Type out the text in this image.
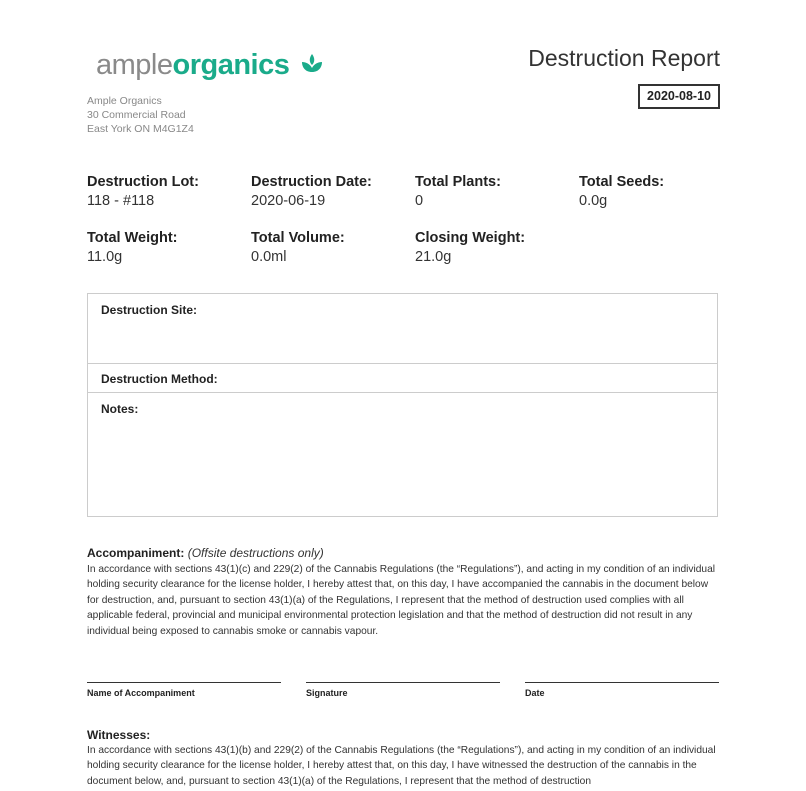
ampleorganics
Ample Organics
30 Commercial Road
East York ON M4G1Z4
Destruction Report
2020-08-10
Destruction Lot:
118 - #118
Destruction Date:
2020-06-19
Total Plants:
0
Total Seeds:
0.0g
Total Weight:
11.0g
Total Volume:
0.0ml
Closing Weight:
21.0g
Destruction Site:
Destruction Method:
Notes:
Accompaniment: (Offsite destructions only)
In accordance with sections 43(1)(c) and 229(2) of the Cannabis Regulations (the “Regulations”), and acting in my condition of an individual holding security clearance for the license holder, I hereby attest that, on this day, I have accompanied the cannabis in the document below for destruction, and, pursuant to section 43(1)(a) of the Regulations, I represent that the method of destruction used complies with all applicable federal, provincial and municipal environmental protection legislation and that the method of destruction did not result in any individual being exposed to cannabis smoke or cannabis vapour.
Name of Accompaniment	Signature	Date
Witnesses:
In accordance with sections 43(1)(b) and 229(2) of the Cannabis Regulations (the “Regulations”), and acting in my condition of an individual holding security clearance for the license holder, I hereby attest that, on this day, I have witnessed the destruction of the cannabis in the document below, and, pursuant to section 43(1)(a) of the Regulations, I represent that the method of destruction
